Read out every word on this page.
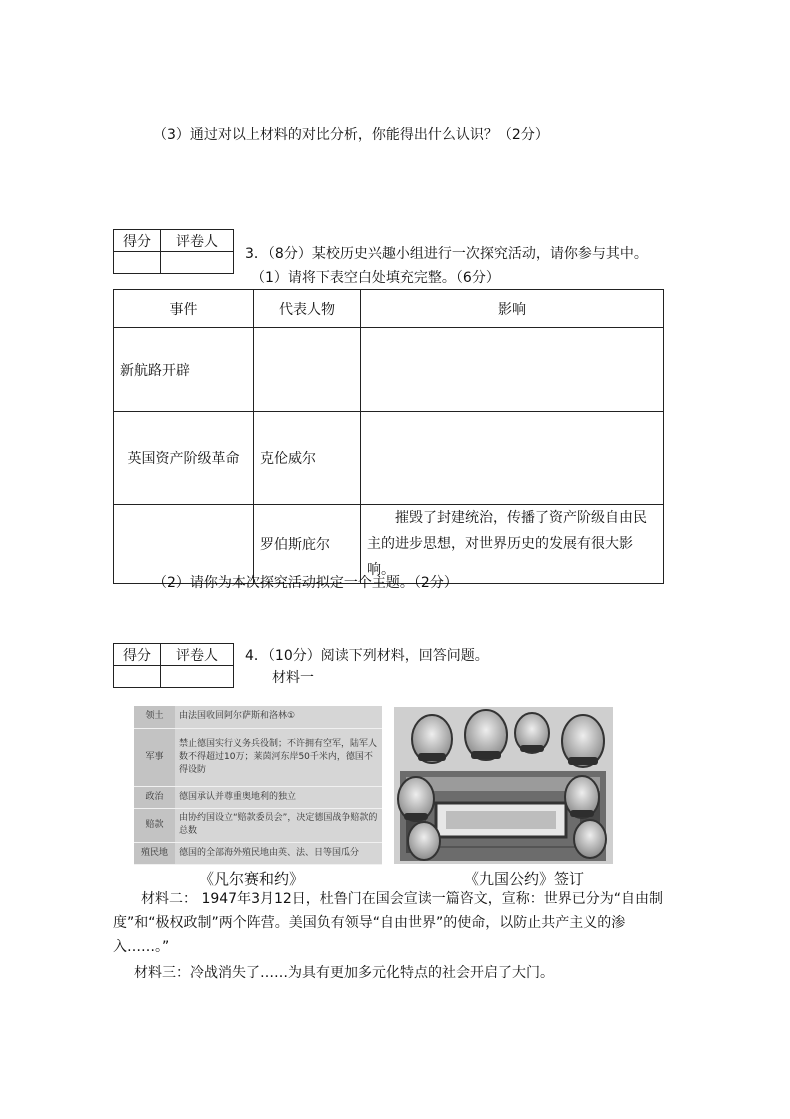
（3）通过对以上材料的对比分析，你能得出什么认识？（2分）
得分	评卷人

3．（8分）某校历史兴趣小组进行一次探究活动，请你参与其中。
（1）请将下表空白处填充完整。（6分）
事件	代表人物	影响
新航路开辟		
英国资产阶级革命	克伦威尔	
	罗伯斯庇尔	摧毁了封建统治，传播了资产阶级自由民主的进步思想，对世界历史的发展有很大影响。
（2）请你为本次探究活动拟定一个主题。（2分）
得分	评卷人
	4．（10分）阅读下列材料，回答问题。
材料一
领土	由法国收回阿尔萨斯和洛林①
军事	禁止德国实行义务兵役制；不许拥有空军，陆军人数不得超过10万；莱茵河东岸50千米内，德国不得设防
政治	德国承认并尊重奥地利的独立
赔款	由协约国设立“赔款委员会”，决定德国战争赔款的总数
殖民地	德国的全部海外殖民地由英、法、日等国瓜分
《凡尔赛和约》	《九国公约》签订
材料二： 1947年3月12日，杜鲁门在国会宣读一篇咨文，宣称：世界已分为“自由制度”和“极权政制”两个阵营。美国负有领导“自由世界”的使命，以防止共产主义的渗入……。”
材料三：冷战消失了……为具有更加多元化特点的社会开启了大门。
